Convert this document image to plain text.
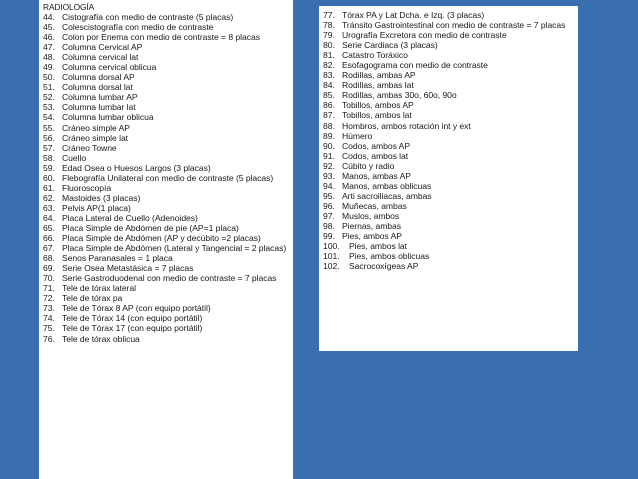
RADIOLOGÍA
44. Cistografía con medio de contraste (5 placas)
45. Colescistografía con medio de contraste
46. Colon por Enema con medio de contraste = 8 placas
47. Columna Cervical AP
48. Columna cervical lat
49. Columna cervical oblicua
50. Columna dorsal AP
51. Columna dorsal lat
52. Columna lumbar AP
53. Columna lumbar lat
54. Columna lumbar oblicua
55. Cráneo simple AP
56. Cráneo simple lat
57. Cráneo Towne
58. Cuello
59. Edad Osea o Huesos Largos (3 placas)
60. Flebografía Unilateral con medio de contraste (5 placas)
61. Fluoroscopía
62. Mastoides (3 placas)
63. Pelvis AP(1 placa)
64. Placa Lateral de Cuello (Adenoides)
65. Placa Simple de Abdómen de pie (AP=1 placa)
66. Placa Simple de Abdómen (AP y decúbito =2 placas)
67. Placa Simple de Abdómen (Lateral y Tangencial = 2 placas)
68. Senos Paranasales = 1 placa
69. Serie Osea Metastásica = 7 placas
70. Serie Gastroduodenal con medio de contraste = 7 placas
71. Tele de tórax lateral
72. Tele de tórax pa
73. Tele de Tórax 8 AP (con equipo portátil)
74. Tele de Tórax 14 (con equipo portátil)
75. Tele de Tórax 17 (con equipo portátil)
76. Tele de tórax oblicua
77. Tórax PA y Lat Dcha. e Izq. (3 placas)
78. Tránsito Gastrointestinal con medio de contraste = 7 placas
79. Urografía Excretora con medio de contraste
80. Serie Cardiaca (3 placas)
81. Catastro Toráxico
82. Esofagograma con medio de contraste
83. Rodillas, ambas AP
84. Rodillas, ambas lat
85. Rodillas, ambas 30o, 60o, 90o
86. Tobillos, ambos AP
87. Tobillos, ambos lat
88. Hombros, ambos rotación int y ext
89. Húmero
90. Codos, ambos AP
91. Codos, ambos lat
92. Cúbito y radio
93. Manos, ambas AP
94. Manos, ambas oblicuas
95. Arti sacroiliacas, ambas
96. Muñecas, ambas
97. Muslos, ambos
98. Piernas, ambas
99. Pies, ambos AP
100.	Pies, ambos lat
101.	Pies, ambos oblicuas
102.	Sacrocoxígeas AP
